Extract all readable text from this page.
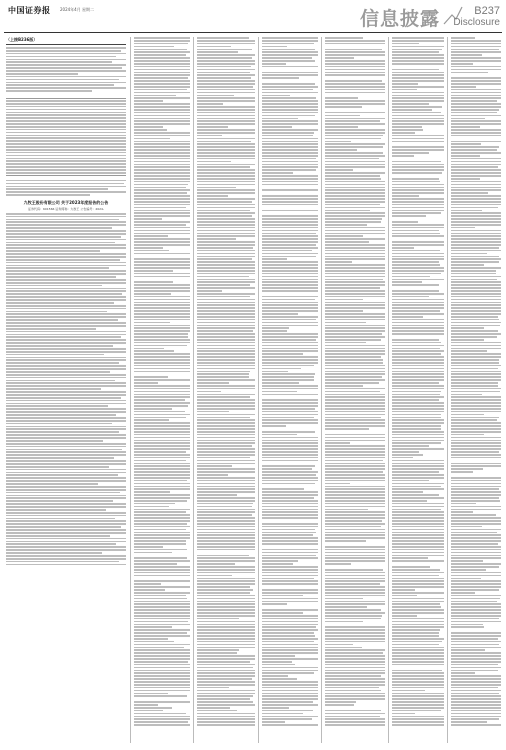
中国证券报 2024年4月 星期二	信息披露	B237
Disclosure
（上接B236版）
九牧王股份有限公司 关于2023年度报告的公告
证券代码：601566 证券简称：九牧王 公告编号：2024-
